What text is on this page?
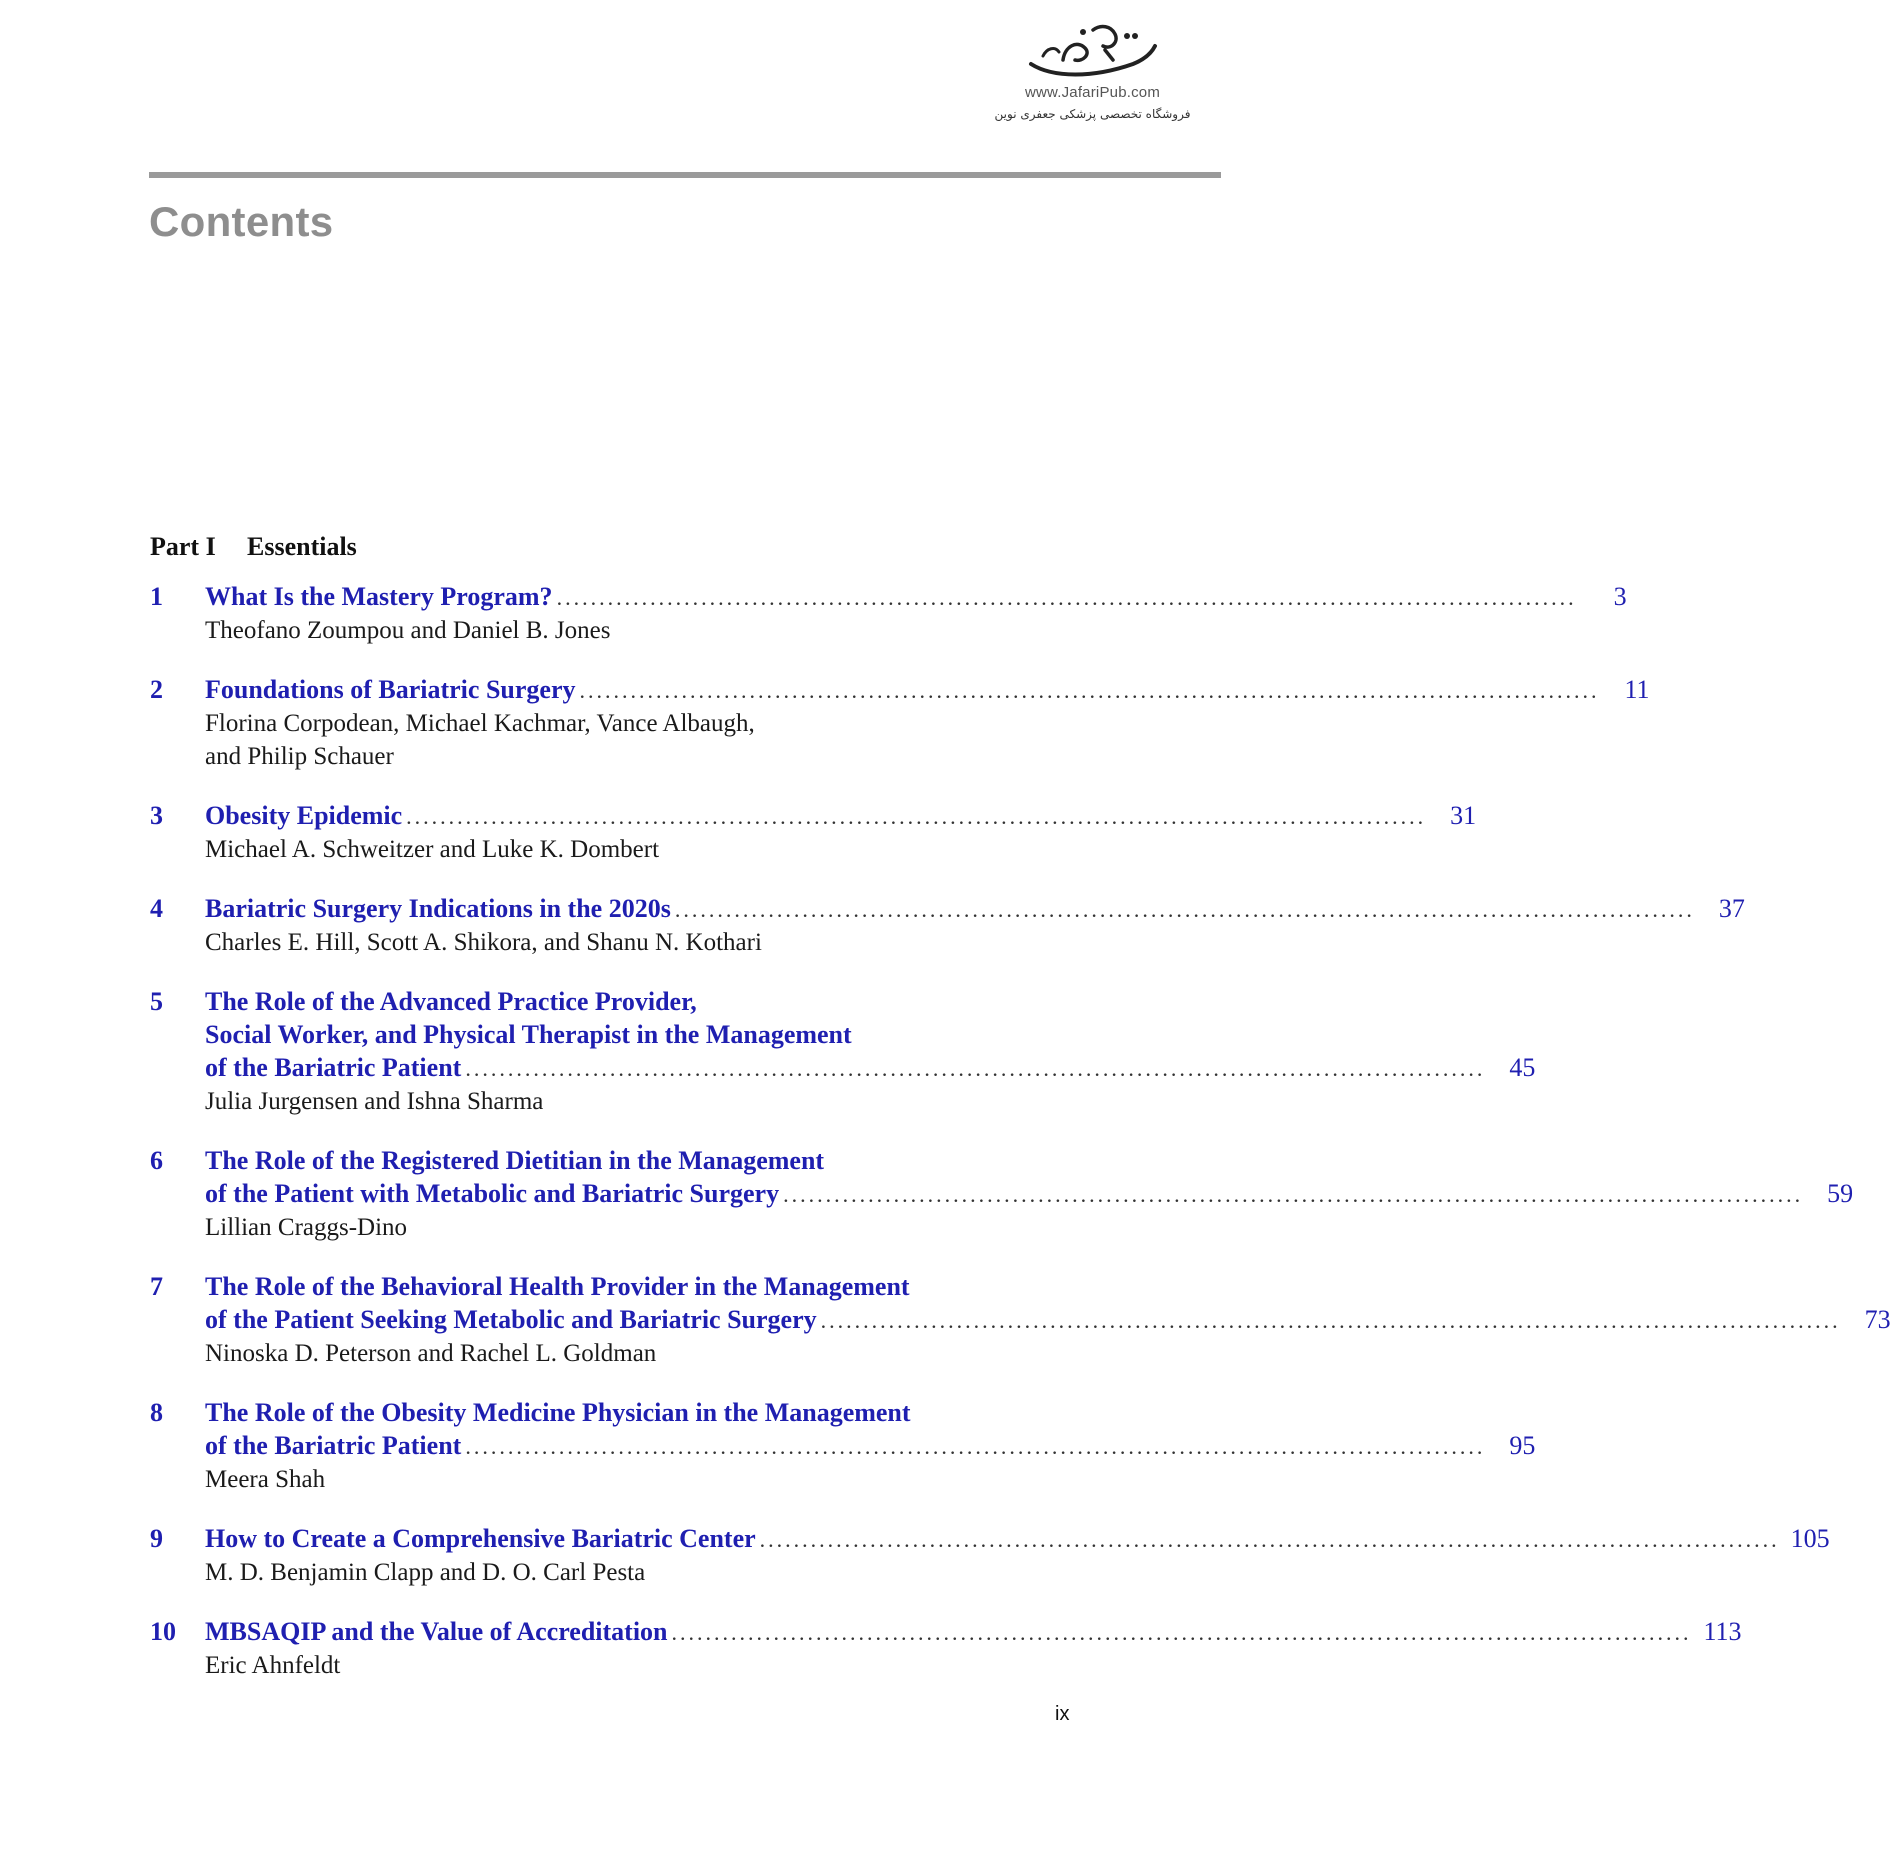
www.JafariPub.com
فروشگاه تخصصی پزشکی جعفری نوین
Contents
Part I Essentials
1 What Is the Mastery Program? ........................................................................................................................	3
Theofano Zoumpou and Daniel B. Jones
2 Foundations of Bariatric Surgery ........................................................................................................................ 11
Florina Corpodean, Michael Kachmar, Vance Albaugh,
and Philip Schauer
3 Obesity Epidemic ........................................................................................................................ 31
Michael A. Schweitzer and Luke K. Dombert
4 Bariatric Surgery Indications in the 2020s ........................................................................................................................ 37
Charles E. Hill, Scott A. Shikora, and Shanu N. Kothari
5 The Role of the Advanced Practice Provider,
Social Worker, and Physical Therapist in the Management
of the Bariatric Patient ........................................................................................................................ 45
Julia Jurgensen and Ishna Sharma
6 The Role of the Registered Dietitian in the Management
of the Patient with Metabolic and Bariatric Surgery ........................................................................................................................ 59
Lillian Craggs-Dino
7 The Role of the Behavioral Health Provider in the Management
of the Patient Seeking Metabolic and Bariatric Surgery ........................................................................................................................ 73
Ninoska D. Peterson and Rachel L. Goldman
8 The Role of the Obesity Medicine Physician in the Management
of the Bariatric Patient ........................................................................................................................ 95
Meera Shah
9 How to Create a Comprehensive Bariatric Center ........................................................................................................................ 105
M. D. Benjamin Clapp and D. O. Carl Pesta
10 MBSAQIP and the Value of Accreditation ........................................................................................................................ 113
Eric Ahnfeldt
ix
